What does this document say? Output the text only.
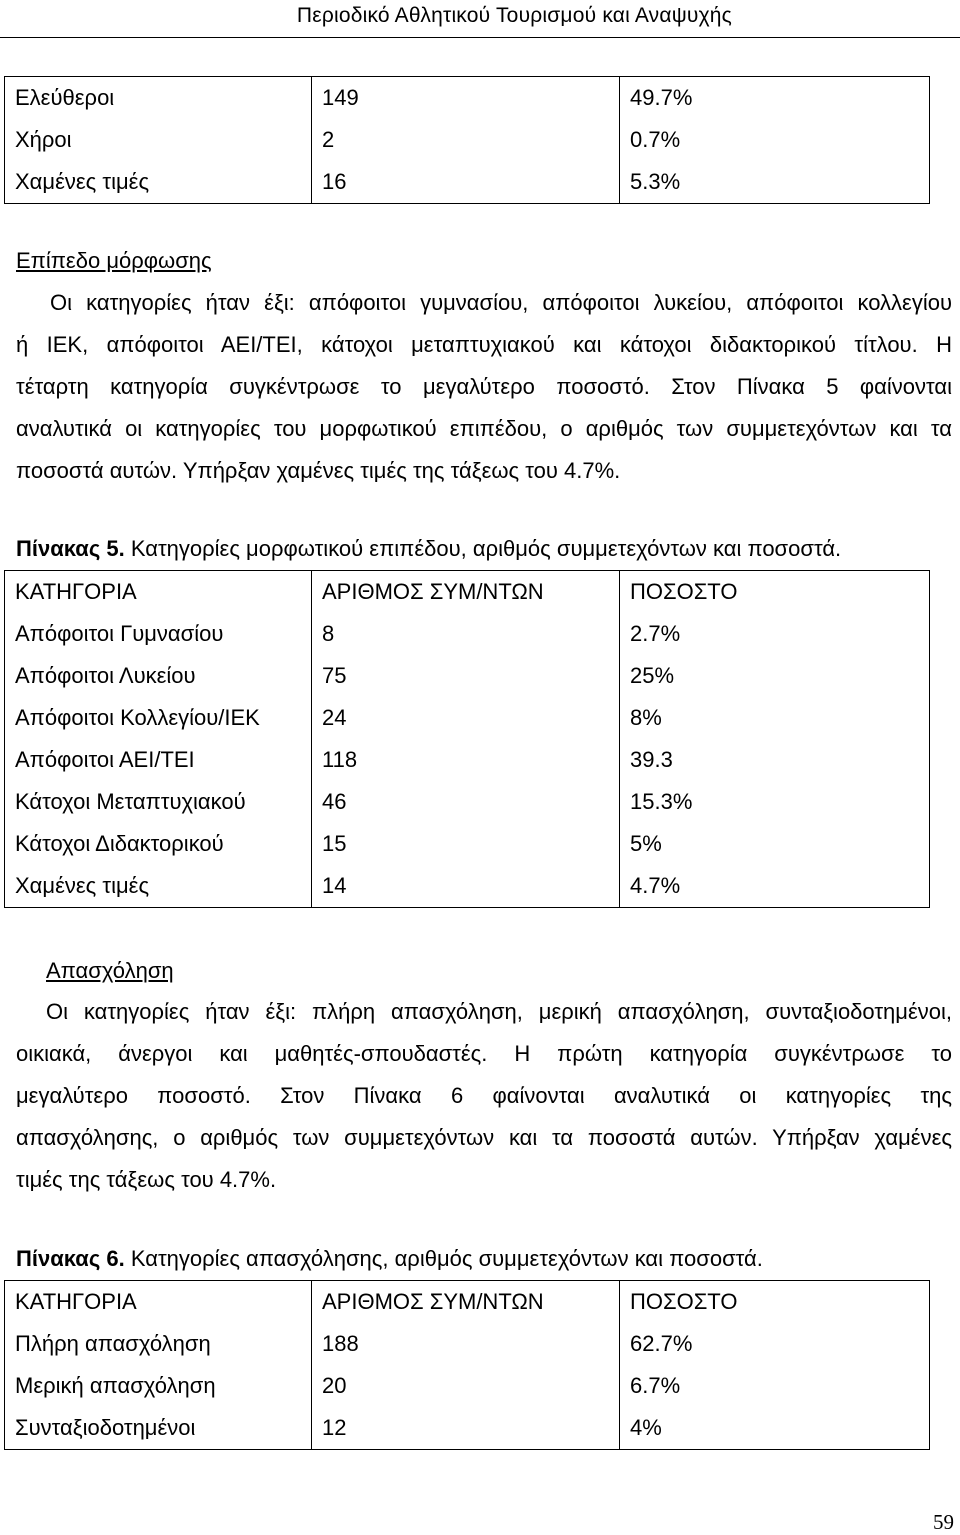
Περιοδικό Αθλητικού Τουρισμού και Αναψυχής
Ελεύθεροι	149	49.7%
Χήροι	2	0.7%
Χαμένες τιμές	16	5.3%
Επίπεδο μόρφωσης
Οι κατηγορίες ήταν έξι: απόφοιτοι γυμνασίου, απόφοιτοι λυκείου, απόφοιτοι κολλεγίου
ή ΙΕΚ, απόφοιτοι ΑΕΙ/ΤΕΙ, κάτοχοι μεταπτυχιακού και κάτοχοι διδακτορικού τίτλου. Η
τέταρτη κατηγορία συγκέντρωσε το μεγαλύτερο ποσοστό. Στον Πίνακα 5 φαίνονται
αναλυτικά οι κατηγορίες του μορφωτικού επιπέδου, ο αριθμός των συμμετεχόντων και τα
ποσοστά αυτών. Υπήρξαν χαμένες τιμές της τάξεως του 4.7%.
Πίνακας 5. Κατηγορίες μορφωτικού επιπέδου, αριθμός συμμετεχόντων και ποσοστά.
ΚΑΤΗΓΟΡΙΑ	ΑΡΙΘΜΟΣ ΣΥΜ/ΝΤΩΝ	ΠΟΣΟΣΤΟ
Απόφοιτοι Γυμνασίου	8	2.7%
Απόφοιτοι Λυκείου	75	25%
Απόφοιτοι Κολλεγίου/ΙΕΚ	24	8%
Απόφοιτοι ΑΕΙ/ΤΕΙ	118	39.3
Κάτοχοι Μεταπτυχιακού	46	15.3%
Κάτοχοι Διδακτορικού	15	5%
Χαμένες τιμές	14	4.7%
Απασχόληση
Οι κατηγορίες ήταν έξι: πλήρη απασχόληση, μερική απασχόληση, συνταξιοδοτημένοι,
οικιακά, άνεργοι και μαθητές-σπουδαστές. Η πρώτη κατηγορία συγκέντρωσε το
μεγαλύτερο ποσοστό. Στον Πίνακα 6 φαίνονται αναλυτικά οι κατηγορίες της
απασχόλησης, ο αριθμός των συμμετεχόντων και τα ποσοστά αυτών. Υπήρξαν χαμένες
τιμές της τάξεως του 4.7%.
Πίνακας 6. Κατηγορίες απασχόλησης, αριθμός συμμετεχόντων και ποσοστά.
ΚΑΤΗΓΟΡΙΑ	ΑΡΙΘΜΟΣ ΣΥΜ/ΝΤΩΝ	ΠΟΣΟΣΤΟ
Πλήρη απασχόληση	188	62.7%
Μερική απασχόληση	20	6.7%
Συνταξιοδοτημένοι	12	4%
59
